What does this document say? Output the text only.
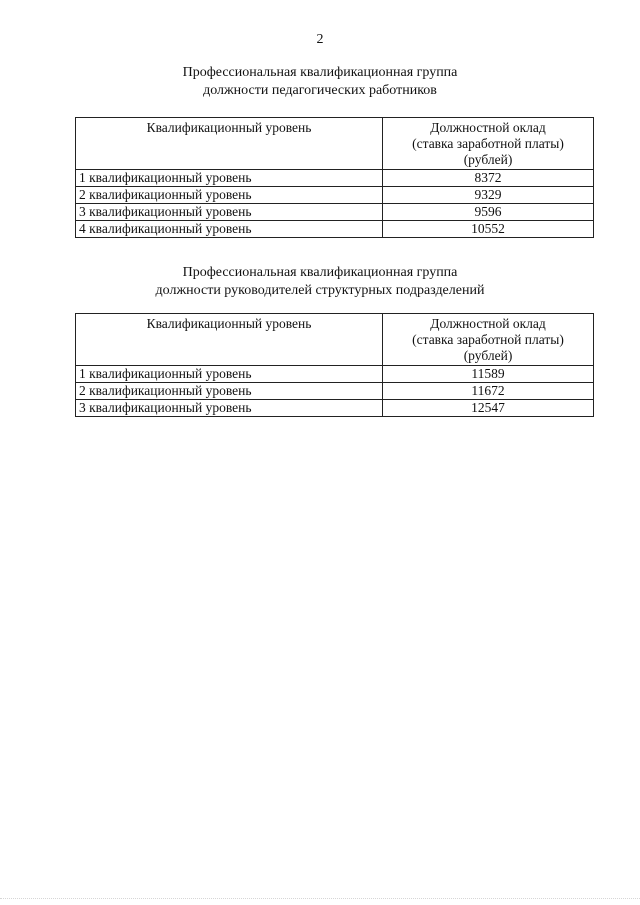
2
Профессиональная квалификационная группа
должности педагогических работников
Квалификационный уровень	Должностной оклад
(ставка заработной платы)
(рублей)

1 квалификационный уровень	8372
2 квалификационный уровень	9329
3 квалификационный уровень	9596
4 квалификационный уровень	10552
Профессиональная квалификационная группа
должности руководителей структурных подразделений
Квалификационный уровень	Должностной оклад
(ставка заработной платы)
(рублей)

1 квалификационный уровень	11589
2 квалификационный уровень	11672
3 квалификационный уровень	12547
